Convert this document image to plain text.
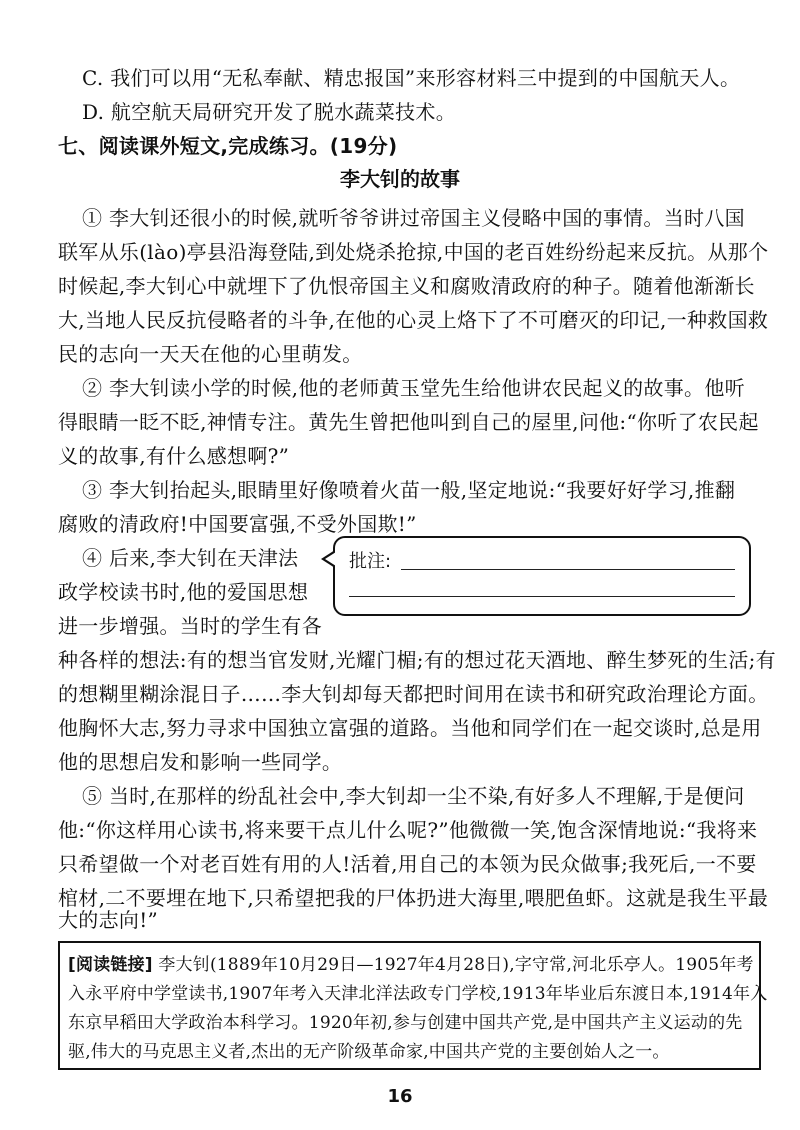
C. 我们可以用“无私奉献、精忠报国”来形容材料三中提到的中国航天人。
D. 航空航天局研究开发了脱水蔬菜技术。
七、阅读课外短文,完成练习。(19分)
李大钊的故事
① 李大钊还很小的时候,就听爷爷讲过帝国主义侵略中国的事情。当时八国
联军从乐(lào)亭县沿海登陆,到处烧杀抢掠,中国的老百姓纷纷起来反抗。从那个
时候起,李大钊心中就埋下了仇恨帝国主义和腐败清政府的种子。随着他渐渐长
大,当地人民反抗侵略者的斗争,在他的心灵上烙下了不可磨灭的印记,一种救国救
民的志向一天天在他的心里萌发。
② 李大钊读小学的时候,他的老师黄玉堂先生给他讲农民起义的故事。他听
得眼睛一眨不眨,神情专注。黄先生曾把他叫到自己的屋里,问他:“你听了农民起
义的故事,有什么感想啊?”
③ 李大钊抬起头,眼睛里好像喷着火苗一般,坚定地说:“我要好好学习,推翻
腐败的清政府!中国要富强,不受外国欺!”
④ 后来,李大钊在天津法
政学校读书时,他的爱国思想
进一步增强。当时的学生有各
种各样的想法:有的想当官发财,光耀门楣;有的想过花天酒地、醉生梦死的生活;有
的想糊里糊涂混日子……李大钊却每天都把时间用在读书和研究政治理论方面。
他胸怀大志,努力寻求中国独立富强的道路。当他和同学们在一起交谈时,总是用
他的思想启发和影响一些同学。
批注:
⑤ 当时,在那样的纷乱社会中,李大钊却一尘不染,有好多人不理解,于是便问
他:“你这样用心读书,将来要干点儿什么呢?”他微微一笑,饱含深情地说:“我将来
只希望做一个对老百姓有用的人!活着,用自己的本领为民众做事;我死后,一不要
棺材,二不要埋在地下,只希望把我的尸体扔进大海里,喂肥鱼虾。这就是我生平最
大的志向!”
[阅读链接] 李大钊(1889年10月29日—1927年4月28日),字守常,河北乐亭人。1905年考
入永平府中学堂读书,1907年考入天津北洋法政专门学校,1913年毕业后东渡日本,1914年入
东京早稻田大学政治本科学习。1920年初,参与创建中国共产党,是中国共产主义运动的先
驱,伟大的马克思主义者,杰出的无产阶级革命家,中国共产党的主要创始人之一。
16
